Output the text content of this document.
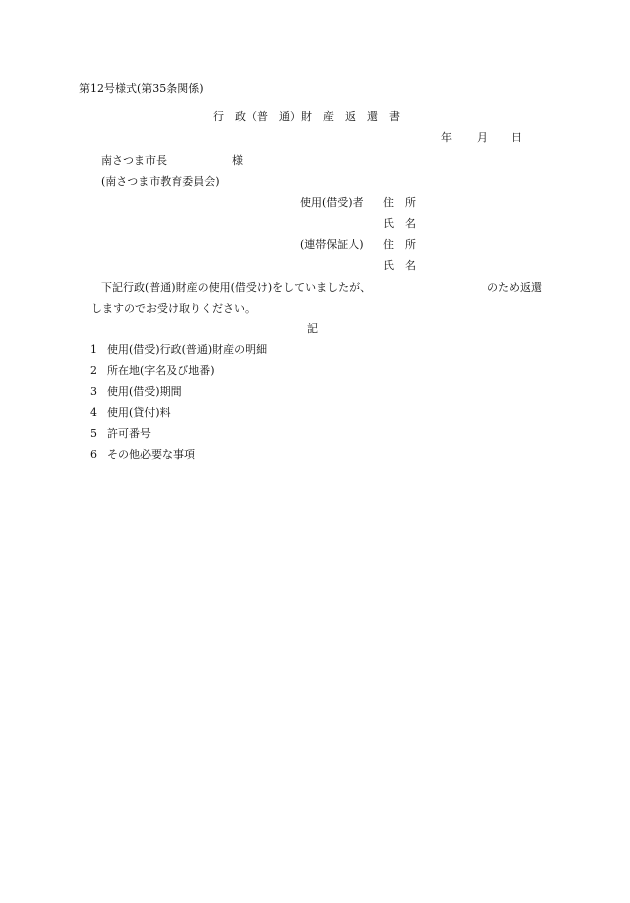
第12号様式(第35条関係)
行　政（普　通）財　産　返　還　書
年 月 日
南さつま市長	様
(南さつま市教育委員会)
使用(借受)者 住　所
氏　名
(連帯保証人) 住　所
氏　名
下記行政(普通)財産の使用(借受け)をしていましたが、	のため返還
しますのでお受け取りください。
記
1 使用(借受)行政(普通)財産の明細
2 所在地(字名及び地番)
3 使用(借受)期間
4 使用(貸付)料
5 許可番号
6 その他必要な事項
